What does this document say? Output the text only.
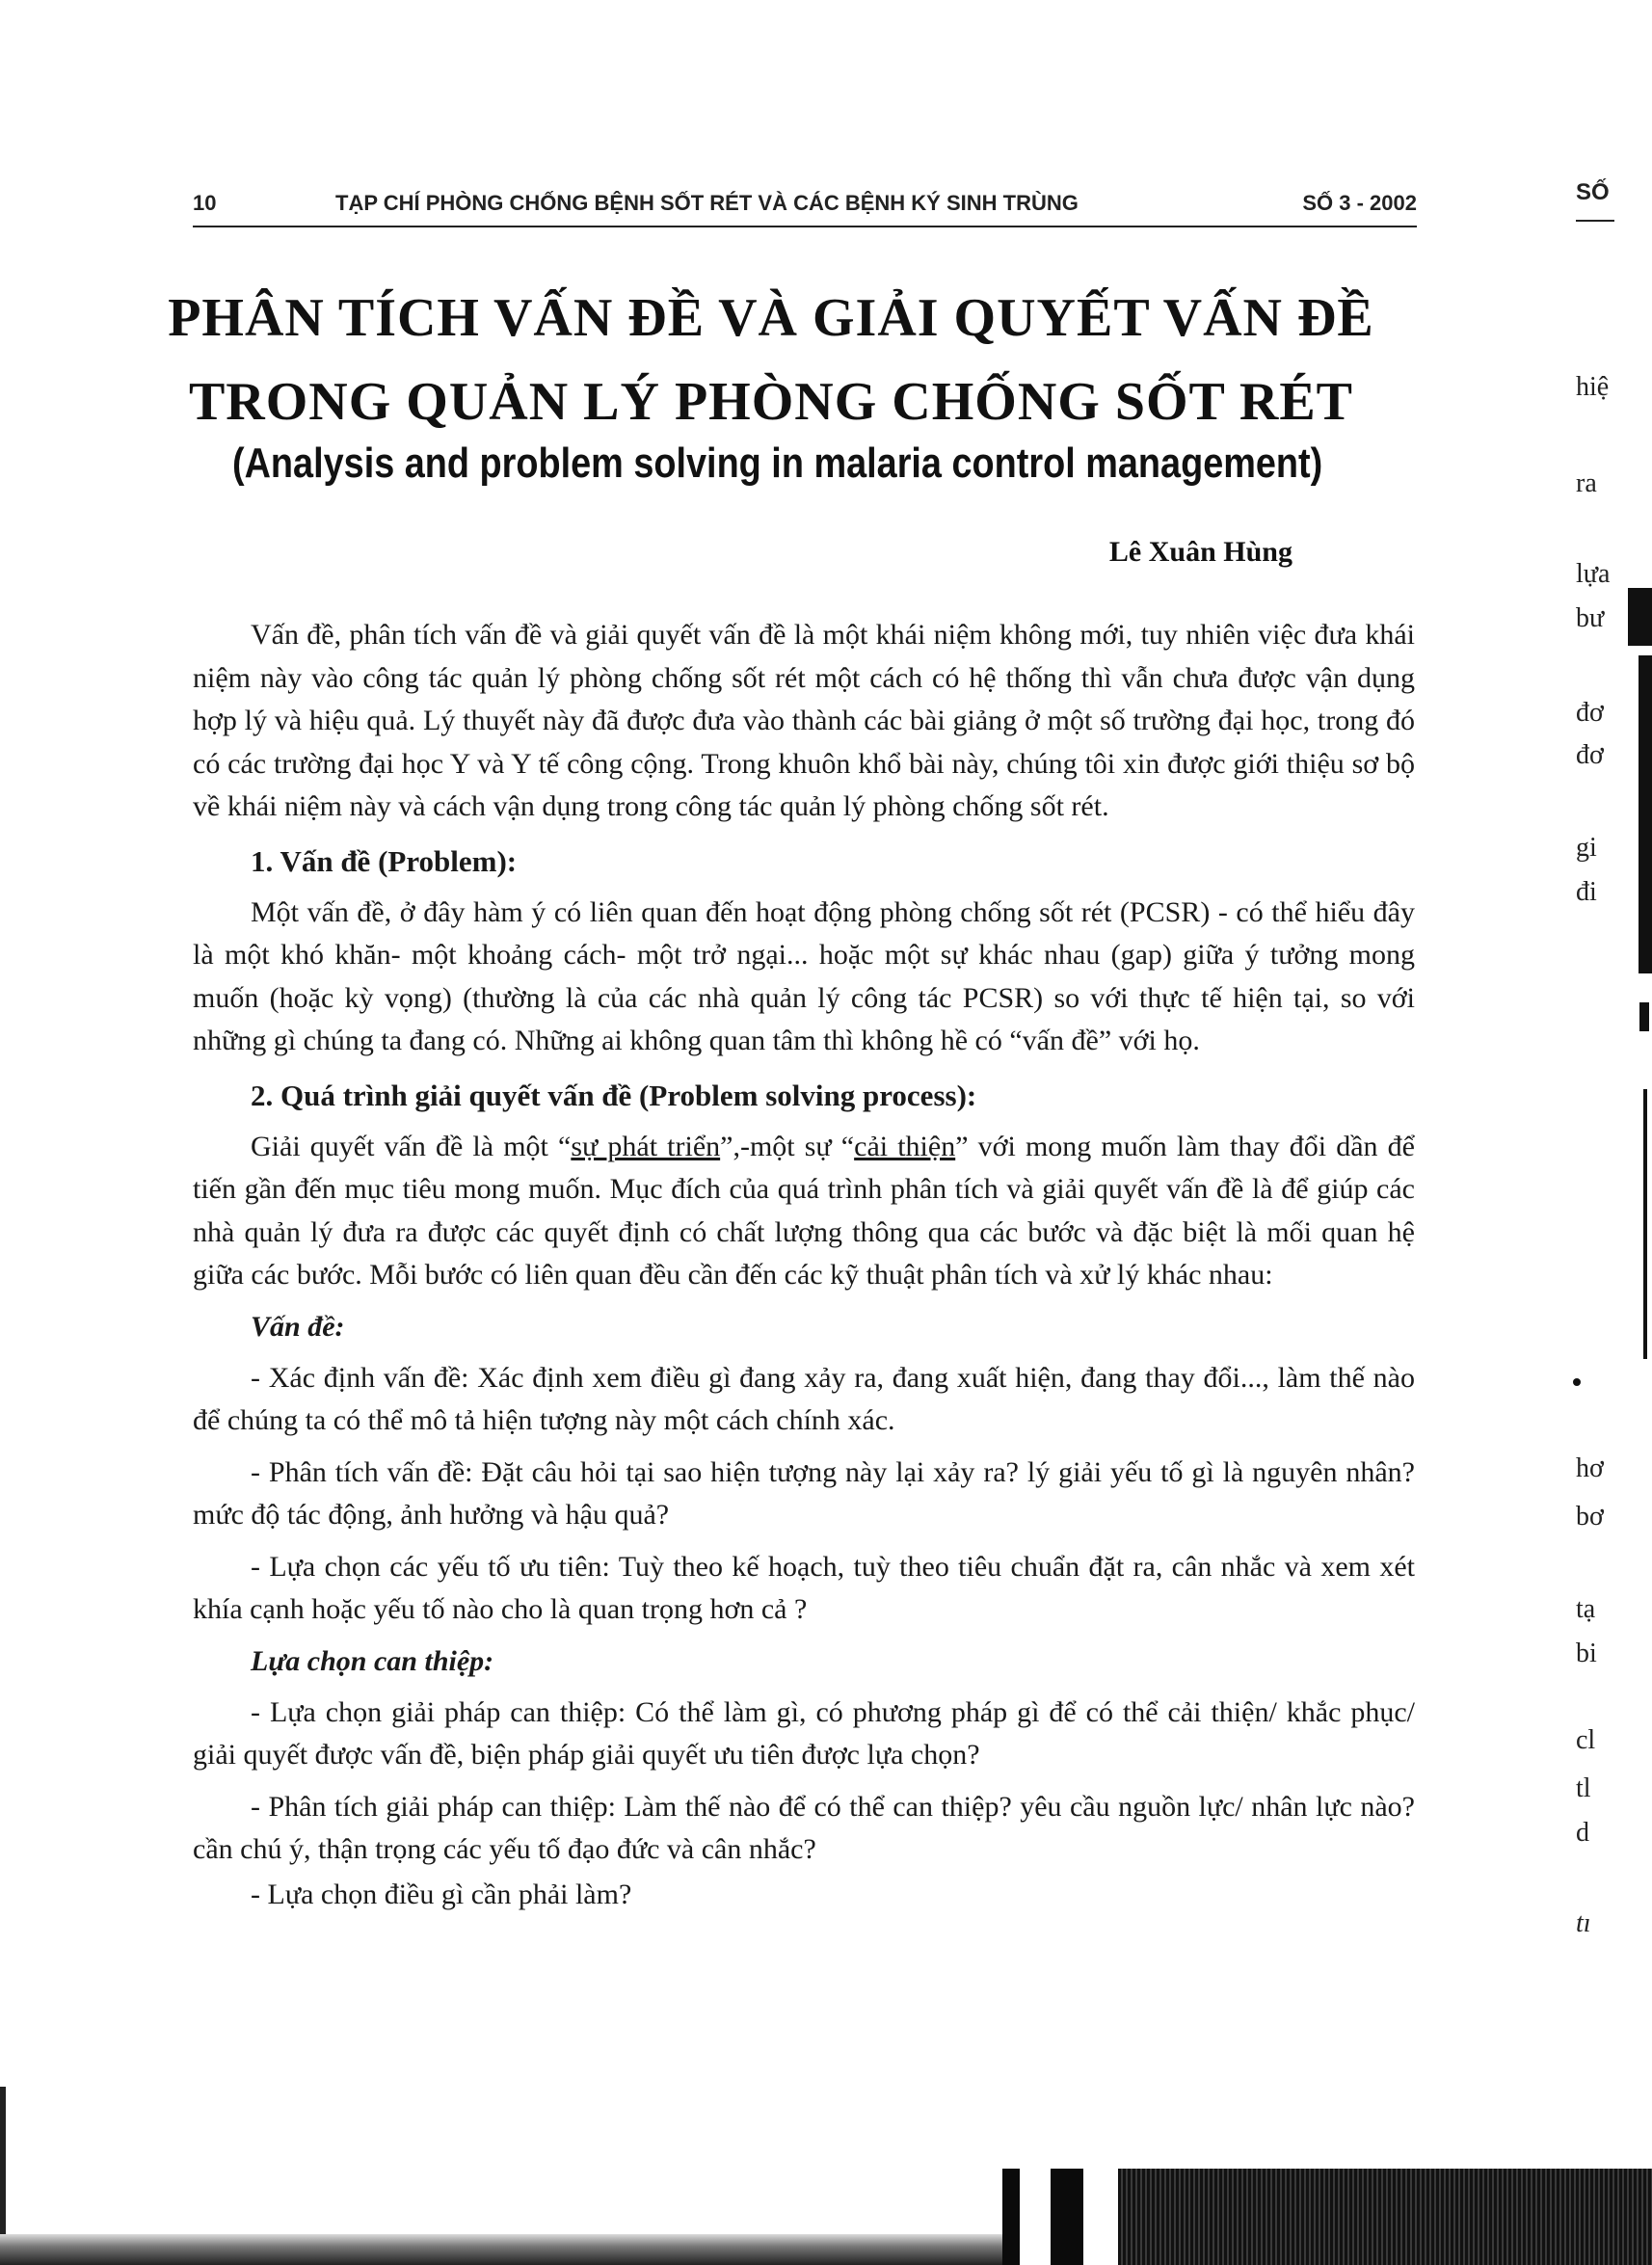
10	TẠP CHÍ PHÒNG CHỐNG BỆNH SỐT RÉT VÀ CÁC BỆNH KÝ SINH TRÙNG	SỐ 3 - 2002
PHÂN TÍCH VẤN ĐỀ VÀ GIẢI QUYẾT VẤN ĐỀ
TRONG QUẢN LÝ PHÒNG CHỐNG SỐT RÉT
(Analysis and problem solving in malaria control management)
Lê Xuân Hùng

Vấn đề, phân tích vấn đề và giải quyết vấn đề là một khái niệm không mới, tuy nhiên việc đưa khái niệm này vào công tác quản lý phòng chống sốt rét một cách có hệ thống thì vẫn chưa được vận dụng hợp lý và hiệu quả. Lý thuyết này đã được đưa vào thành các bài giảng ở một số trường đại học, trong đó có các trường đại học Y và Y tế công cộng. Trong khuôn khổ bài này, chúng tôi xin được giới thiệu sơ bộ về khái niệm này và cách vận dụng trong công tác quản lý phòng chống sốt rét.

1. Vấn đề (Problem):

Một vấn đề, ở đây hàm ý có liên quan đến hoạt động phòng chống sốt rét (PCSR) - có thể hiểu đây là một khó khăn- một khoảng cách- một trở ngại... hoặc một sự khác nhau (gap) giữa ý tưởng mong muốn (hoặc kỳ vọng) (thường là của các nhà quản lý công tác PCSR) so với thực tế hiện tại, so với những gì chúng ta đang có. Những ai không quan tâm thì không hề có “vấn đề” với họ.

2. Quá trình giải quyết vấn đề (Problem solving process):

Giải quyết vấn đề là một “sự phát triển”,-một sự “cải thiện” với mong muốn làm thay đổi dần để tiến gần đến mục tiêu mong muốn. Mục đích của quá trình phân tích và giải quyết vấn đề là để giúp các nhà quản lý đưa ra được các quyết định có chất lượng thông qua các bước và đặc biệt là mối quan hệ giữa các bước. Mỗi bước có liên quan đều cần đến các kỹ thuật phân tích và xử lý khác nhau:

Vấn đề:

- Xác định vấn đề: Xác định xem điều gì đang xảy ra, đang xuất hiện, đang thay đổi..., làm thế nào để chúng ta có thể mô tả hiện tượng này một cách chính xác.

- Phân tích vấn đề: Đặt câu hỏi tại sao hiện tượng này lại xảy ra? lý giải yếu tố gì là nguyên nhân? mức độ tác động, ảnh hưởng và hậu quả?

- Lựa chọn các yếu tố ưu tiên: Tuỳ theo kế hoạch, tuỳ theo tiêu chuẩn đặt ra, cân nhắc và xem xét khía cạnh hoặc yếu tố nào cho là quan trọng hơn cả ?

Lựa chọn can thiệp:

- Lựa chọn giải pháp can thiệp: Có thể làm gì, có phương pháp gì để có thể cải thiện/ khắc phục/ giải quyết được vấn đề, biện pháp giải quyết ưu tiên được lựa chọn?

- Phân tích giải pháp can thiệp: Làm thế nào để có thể can thiệp? yêu cầu nguồn lực/ nhân lực nào? cần chú ý, thận trọng các yếu tố đạo đức và cân nhắc?

- Lựa chọn điều gì cần phải làm?

SỐ
hiệ
ra
lựa
bư
đơ
đơ
gi
đi
hơ
bơ
tạ
bi
cl
tl
d
tı
